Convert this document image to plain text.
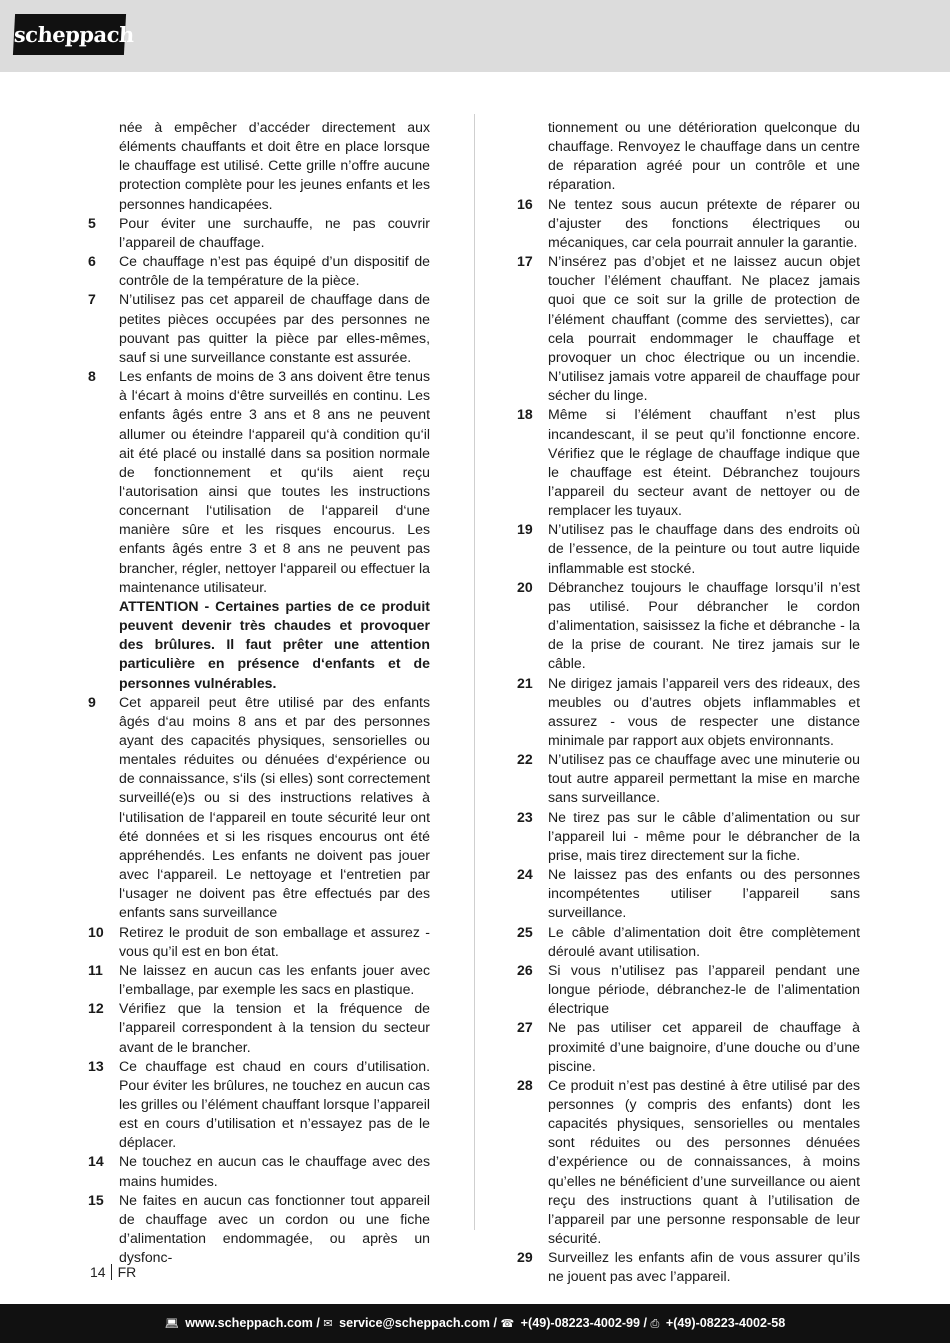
scheppach
née à empêcher d’accéder directement aux éléments chauffants et doit être en place lorsque le chauffage est utilisé. Cette grille n’offre aucune protection complète pour les jeunes enfants et les personnes handicapées.
5	Pour éviter une surchauffe, ne pas couvrir l’appareil de chauffage.
6	Ce chauffage n’est pas équipé d’un dispositif de contrôle de la température de la pièce.
7	N’utilisez pas cet appareil de chauffage dans de petites pièces occupées par des personnes ne pouvant pas quitter la pièce par elles-mêmes, sauf si une surveillance constante est assurée.
8	Les enfants de moins de 3 ans doivent être tenus à l‘écart à moins d‘être surveillés en continu. Les enfants âgés entre 3 ans et 8 ans ne peuvent allumer ou éteindre l‘appareil qu‘à condition qu‘il ait été placé ou installé dans sa position normale de fonctionnement et qu‘ils aient reçu l‘autorisation ainsi que toutes les instructions concernant l‘utilisation de l‘appareil d‘une manière sûre et les risques encourus. Les enfants âgés entre 3 et 8 ans ne peuvent pas brancher, régler, nettoyer l‘appareil ou effectuer la maintenance utilisateur.
ATTENTION - Certaines parties de ce produit peuvent devenir très chaudes et provoquer des brûlures. Il faut prêter une attention particulière en présence d‘enfants et de personnes vulnérables.
9	Cet appareil peut être utilisé par des enfants âgés d‘au moins 8 ans et par des personnes ayant des capacités physiques, sensorielles ou mentales réduites ou dénuées d‘expérience ou de connaissance, s‘ils (si elles) sont correctement surveillé(e)s ou si des instructions relatives à l‘utilisation de l‘appareil en toute sécurité leur ont été données et si les risques encourus ont été appréhendés. Les enfants ne doivent pas jouer avec l‘appareil. Le nettoyage et l‘entretien par l‘usager ne doivent pas être effectués par des enfants sans surveillance
10	Retirez le produit de son emballage et assurez - vous qu’il est en bon état.
11	Ne laissez en aucun cas les enfants jouer avec l’emballage, par exemple les sacs en plastique.
12	Vérifiez que la tension et la fréquence de l’appareil correspondent à la tension du secteur avant de le brancher.
13	Ce chauffage est chaud en cours d’utilisation. Pour éviter les brûlures, ne touchez en aucun cas les grilles ou l’élément chauffant lorsque l’appareil est en cours d’utilisation et n’essayez pas de le déplacer.
14	Ne touchez en aucun cas le chauffage avec des mains humides.
15	Ne faites en aucun cas fonctionner tout appareil de chauffage avec un cordon ou une fiche d’alimentation endommagée, ou après un dysfonc-
tionnement ou une détérioration quelconque du chauffage. Renvoyez le chauffage dans un centre de réparation agréé pour un contrôle et une réparation.
16	Ne tentez sous aucun prétexte de réparer ou d’ajuster des fonctions électriques ou mécaniques, car cela pourrait annuler la garantie.
17	N’insérez pas d’objet et ne laissez aucun objet toucher l’élément chauffant. Ne placez jamais quoi que ce soit sur la grille de protection de l’élément chauffant (comme des serviettes), car cela pourrait endommager le chauffage et provoquer un choc électrique ou un incendie. N’utilisez jamais votre appareil de chauffage pour sécher du linge.
18	Même si l’élément chauffant n’est plus incandescant, il se peut qu’il fonctionne encore. Vérifiez que le réglage de chauffage indique que le chauffage est éteint. Débranchez toujours l’appareil du secteur avant de nettoyer ou de remplacer les tuyaux.
19	N’utilisez pas le chauffage dans des endroits où de l’essence, de la peinture ou tout autre liquide inflammable est stocké.
20	Débranchez toujours le chauffage lorsqu’il n’est pas utilisé. Pour débrancher le cordon d’alimentation, saisissez la fiche et débranche - la de la prise de courant. Ne tirez jamais sur le câble.
21	Ne dirigez jamais l’appareil vers des rideaux, des meubles ou d’autres objets inflammables et assurez - vous de respecter une distance minimale par rapport aux objets environnants.
22	N’utilisez pas ce chauffage avec une minuterie ou tout autre appareil permettant la mise en marche sans surveillance.
23	Ne tirez pas sur le câble d’alimentation ou sur l’appareil lui - même pour le débrancher de la prise, mais tirez directement sur la fiche.
24	Ne laissez pas des enfants ou des personnes incompétentes utiliser l’appareil sans surveillance.
25	Le câble d’alimentation doit être complètement déroulé avant utilisation.
26	Si vous n’utilisez pas l’appareil pendant une longue période, débranchez-le de l’alimentation électrique
27	Ne pas utiliser cet appareil de chauffage à proximité d’une baignoire, d’une douche ou d’une piscine.
28	Ce produit n’est pas destiné à être utilisé par des personnes (y compris des enfants) dont les capacités physiques, sensorielles ou mentales sont réduites ou des personnes dénuées d’expérience ou de connaissances, à moins qu’elles ne bénéficient d’une surveillance ou aient reçu des instructions quant à l’utilisation de l’appareil par une personne responsable de leur sécurité.
29	Surveillez les enfants afin de vous assurer qu’ils ne jouent pas avec l’appareil.
14 FR
💻︎ www.scheppach.com / ✉︎ service@scheppach.com / ☎ +(49)-08223-4002-99 / ⎙ +(49)-08223-4002-58
